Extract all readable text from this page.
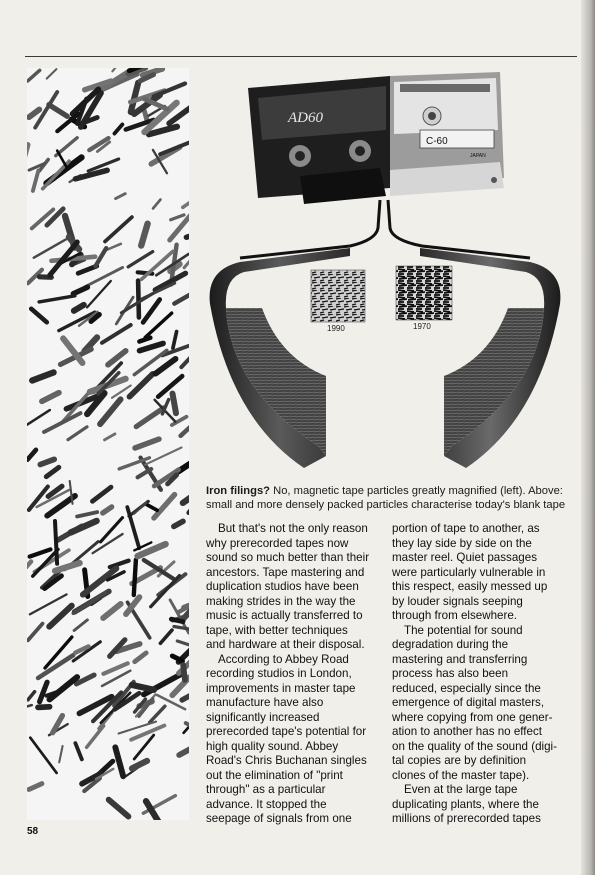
AD60
C-60
JAPAN
1990	1970
Iron filings? No, magnetic tape particles greatly magnified (left). Above: small and more densely packed particles characterise today's blank tape

But that's not the only reason

why prerecorded tapes now

sound so much better than their

ancestors. Tape mastering and

duplication studios have been

making strides in the way the

music is actually transferred to

tape, with better techniques

and hardware at their disposal.

According to Abbey Road

recording studios in London,

improvements in master tape

manufacture have also

significantly increased

prerecorded tape's potential for

high quality sound. Abbey

Road's Chris Buchanan singles

out the elimination of "print

through" as a particular

advance. It stopped the

seepage of signals from one

portion of tape to another, as

they lay side by side on the

master reel. Quiet passages

were particularly vulnerable in

this respect, easily messed up

by louder signals seeping

through from elsewhere.

The potential for sound

degradation during the

mastering and transferring

process has also been

reduced, especially since the

emergence of digital masters,

where copying from one gener-

ation to another has no effect

on the quality of the sound (digi-

tal copies are by definition

clones of the master tape).

Even at the large tape

duplicating plants, where the

millions of prerecorded tapes

58
